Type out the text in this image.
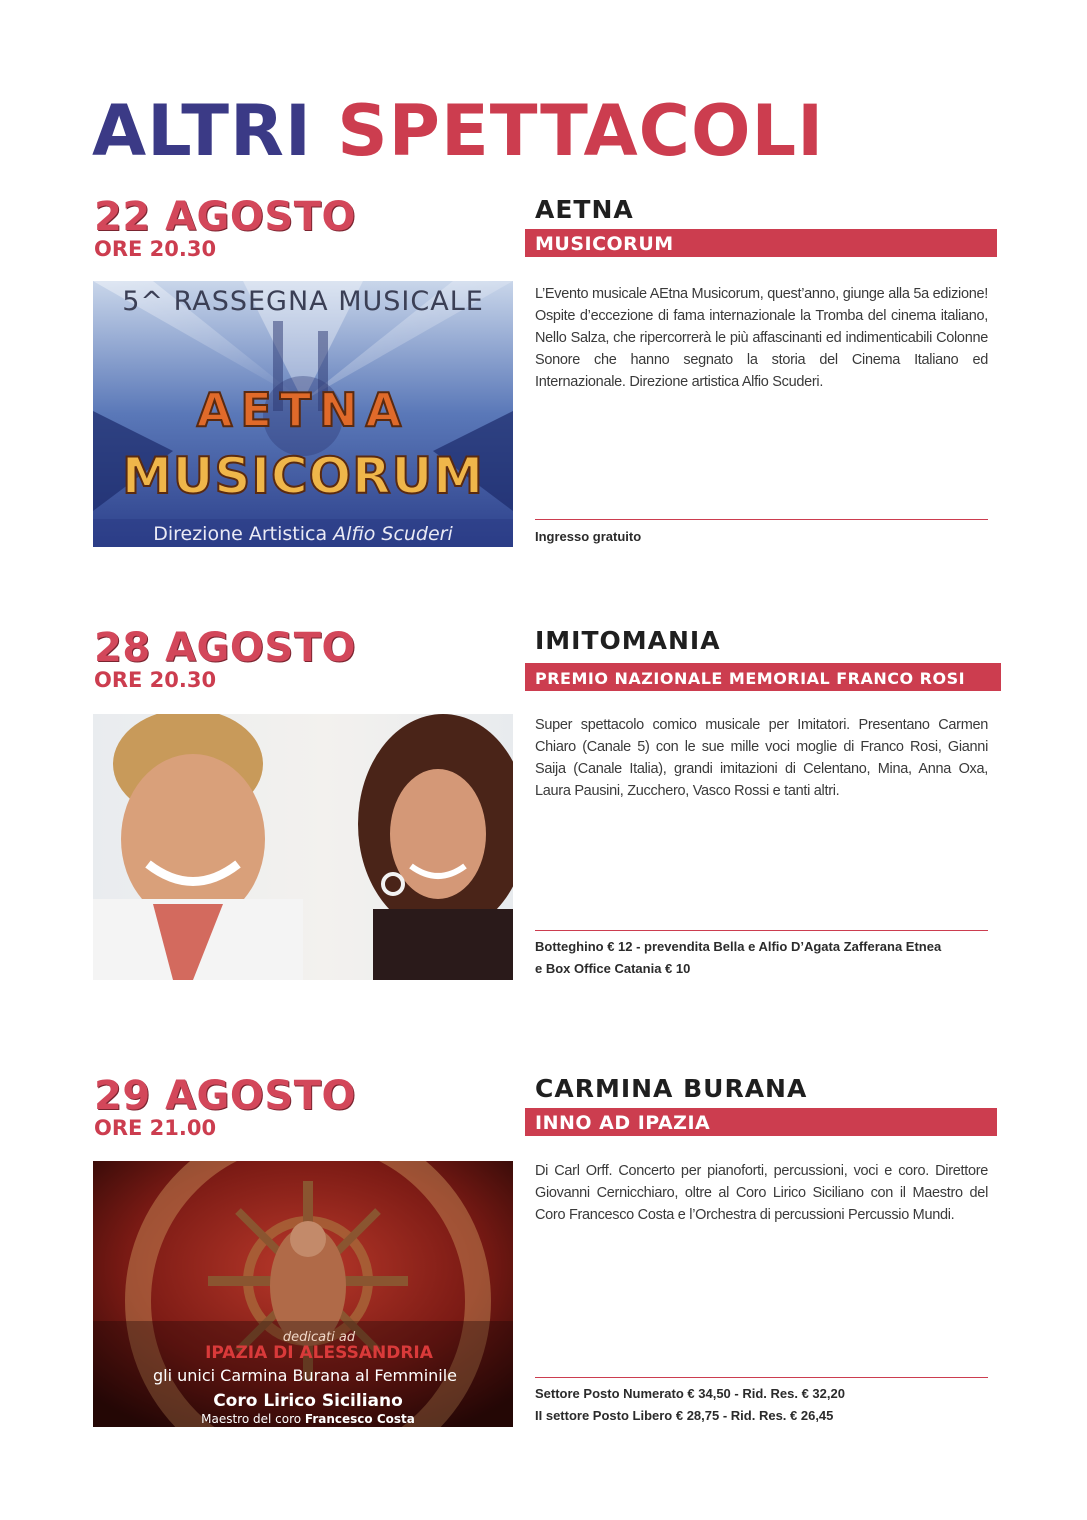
ALTRI SPETTACOLI
22 AGOSTO
ORE 20.30
5^ RASSEGNA MUSICALE
AETNA
MUSICORUM
Direzione Artistica Alfio Scuderi
AETNA
MUSICORUM

L’Evento musicale AEtna Musicorum, quest’anno, giunge alla 5a edizione! Ospite d’eccezione di fama internazionale la Tromba del cinema italiano, Nello Salza, che ripercorrerà le più affascinanti ed indimenticabili Colonne Sonore che hanno segnato la storia del Cinema Italiano ed Internazionale. Direzione artistica Alfio Scuderi.

Ingresso gratuito

28 AGOSTO
ORE 20.30
IMITOMANIA
PREMIO NAZIONALE MEMORIAL FRANCO ROSI

Super spettacolo comico musicale per Imitatori. Presentano Carmen Chiaro (Canale 5) con le sue mille voci moglie di Franco Rosi, Gianni Saija (Canale Italia), grandi imitazioni di Celentano, Mina, Anna Oxa, Laura Pausini, Zucchero, Vasco Rossi e tanti altri.

Botteghino € 12 - prevendita Bella e Alfio D’Agata Zafferana Etnea
e Box Office Catania € 10

29 AGOSTO
ORE 21.00
dedicati ad
IPAZIA DI ALESSANDRIA
gli unici Carmina Burana al Femminile
Coro Lirico Siciliano
Maestro del coro Francesco Costa
CARMINA BURANA
INNO AD IPAZIA

Di Carl Orff. Concerto per pianoforti, percussioni, voci e coro. Direttore Giovanni Cernicchiaro, oltre al Coro Lirico Siciliano con il Maestro del Coro Francesco Costa e l’Orchestra di percussioni Percussio Mundi.

Settore Posto Numerato € 34,50 - Rid. Res. € 32,20
II settore Posto Libero € 28,75 - Rid. Res. € 26,45
